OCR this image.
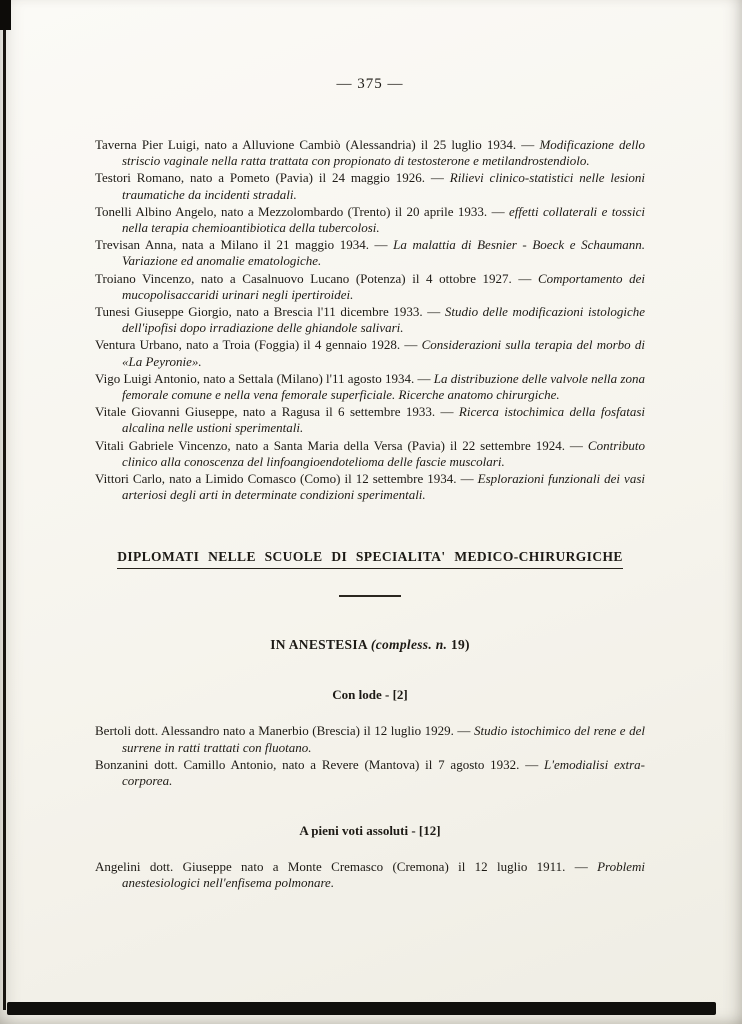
— 375 —

Taverna Pier Luigi, nato a Alluvione Cambiò (Alessandria) il 25 luglio 1934. — Modificazione dello striscio vaginale nella ratta trattata con propionato di testosterone e metilandrostendiolo.

Testori Romano, nato a Pometo (Pavia) il 24 maggio 1926. — Rilievi clinico-statistici nelle lesioni traumatiche da incidenti stradali.

Tonelli Albino Angelo, nato a Mezzolombardo (Trento) il 20 aprile 1933. — effetti collaterali e tossici nella terapia chemioantibiotica della tubercolosi.

Trevisan Anna, nata a Milano il 21 maggio 1934. — La malattia di Besnier - Boeck e Schaumann. Variazione ed anomalie ematologiche.

Troiano Vincenzo, nato a Casalnuovo Lucano (Potenza) il 4 ottobre 1927. — Comportamento dei mucopolisaccaridi urinari negli ipertiroidei.

Tunesi Giuseppe Giorgio, nato a Brescia l'11 dicembre 1933. — Studio delle modificazioni istologiche dell'ipofisi dopo irradiazione delle ghiandole salivari.

Ventura Urbano, nato a Troia (Foggia) il 4 gennaio 1928. — Considerazioni sulla terapia del morbo di «La Peyronie».

Vigo Luigi Antonio, nato a Settala (Milano) l'11 agosto 1934. — La distribuzione delle valvole nella zona femorale comune e nella vena femorale superficiale. Ricerche anatomo chirurgiche.

Vitale Giovanni Giuseppe, nato a Ragusa il 6 settembre 1933. — Ricerca istochimica della fosfatasi alcalina nelle ustioni sperimentali.

Vitali Gabriele Vincenzo, nato a Santa Maria della Versa (Pavia) il 22 settembre 1924. — Contributo clinico alla conoscenza del linfoangioendotelioma delle fascie muscolari.

Vittori Carlo, nato a Limido Comasco (Como) il 12 settembre 1934. — Esplorazioni funzionali dei vasi arteriosi degli arti in determinate condizioni sperimentali.

DIPLOMATI NELLE SCUOLE DI SPECIALITA' MEDICO-CHIRURGICHE
IN ANESTESIA (compless. n. 19)
Con lode - [2]

Bertoli dott. Alessandro nato a Manerbio (Brescia) il 12 luglio 1929. — Studio istochimico del rene e del surrene in ratti trattati con fluotano.

Bonzanini dott. Camillo Antonio, nato a Revere (Mantova) il 7 agosto 1932. — L'emodialisi extra-corporea.

A pieni voti assoluti - [12]

Angelini dott. Giuseppe nato a Monte Cremasco (Cremona) il 12 luglio 1911. — Problemi anestesiologici nell'enfisema polmonare.
